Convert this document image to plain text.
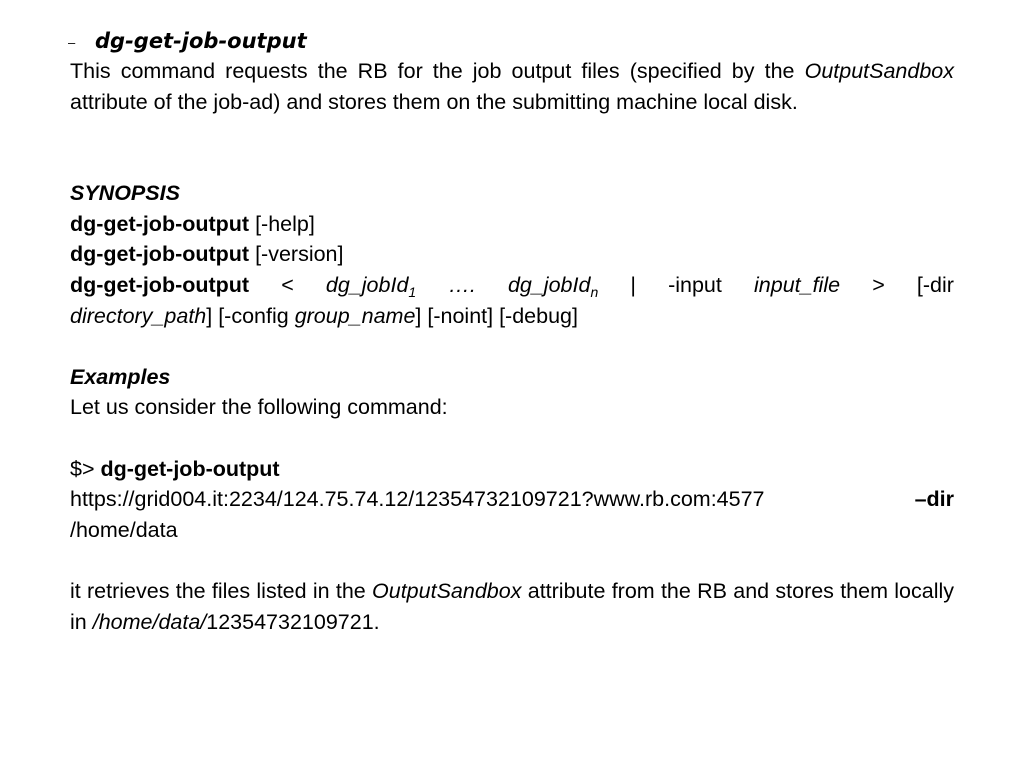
– dg-get-job-output

This command requests the RB for the job output files (specified by the OutputSandbox attribute of the job-ad) and stores them on the submitting machine local disk.

SYNOPSIS

dg-get-job-output [-help]

dg-get-job-output [-version]

dg-get-job-output < dg_jobId$_1$ …. dg_jobId$_n$ | -input input_file > [-dir

directory_path] [-config group_name] [-noint] [-debug]

Examples

Let us consider the following command:

$> dg-get-job-output

https://grid004.it:2234/124.75.74.12/12354732109721?www.rb.com:4577	–dir

/home/data

it retrieves the files listed in the OutputSandbox attribute from the RB and stores them locally in /home/data/12354732109721.
